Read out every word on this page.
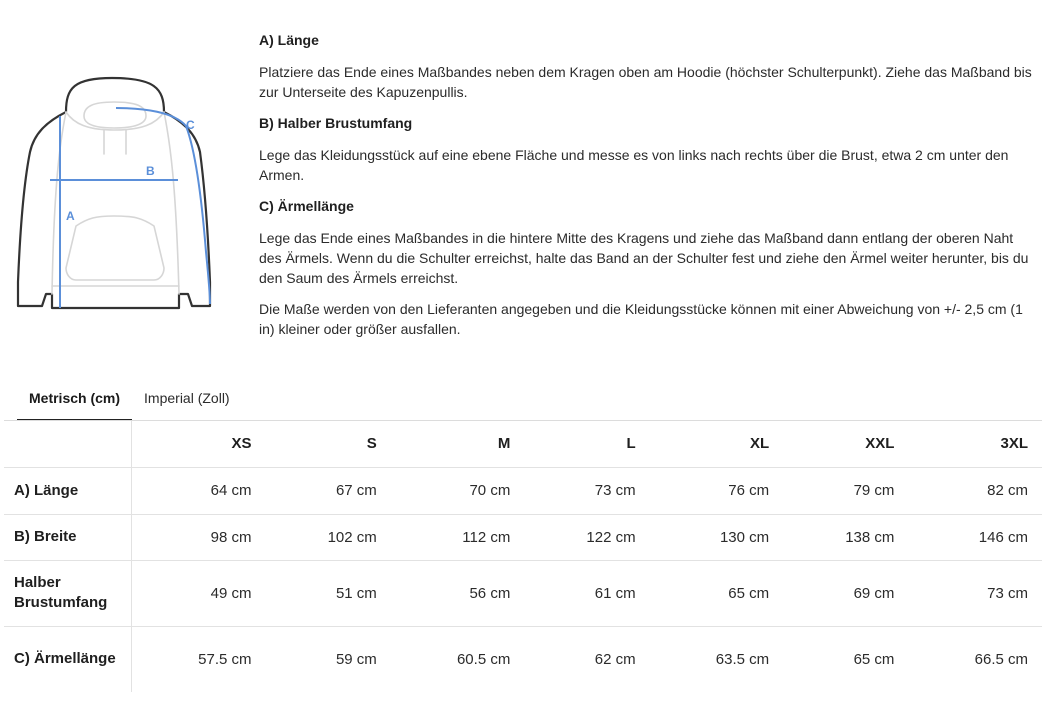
A
B
C
A) Länge

Platziere das Ende eines Maßbandes neben dem Kragen oben am Hoodie (höchster Schulterpunkt). Ziehe das Maßband bis zur Unterseite des Kapuzenpullis.

B) Halber Brustumfang

Lege das Kleidungsstück auf eine ebene Fläche und messe es von links nach rechts über die Brust, etwa 2 cm unter den Armen.

C) Ärmellänge

Lege das Ende eines Maßbandes in die hintere Mitte des Kragens und ziehe das Maßband dann entlang der oberen Naht des Ärmels. Wenn du die Schulter erreichst, halte das Band an der Schulter fest und ziehe den Ärmel weiter herunter, bis du den Saum des Ärmels erreichst.

Die Maße werden von den Lieferanten angegeben und die Kleidungsstücke können mit einer Abweichung von +/- 2,5 cm (1 in) kleiner oder größer ausfallen.

Metrisch (cm)	Imperial (Zoll)
	XS	S	M	L	XL	XXL	3XL
A) Länge	64 cm	67 cm	70 cm	73 cm	76 cm	79 cm	82 cm
B) Breite	98 cm	102 cm	112 cm	122 cm	130 cm	138 cm	146 cm
Halber Brustumfang	49 cm	51 cm	56 cm	61 cm	65 cm	69 cm	73 cm
C) Ärmellänge	57.5 cm	59 cm	60.5 cm	62 cm	63.5 cm	65 cm	66.5 cm
